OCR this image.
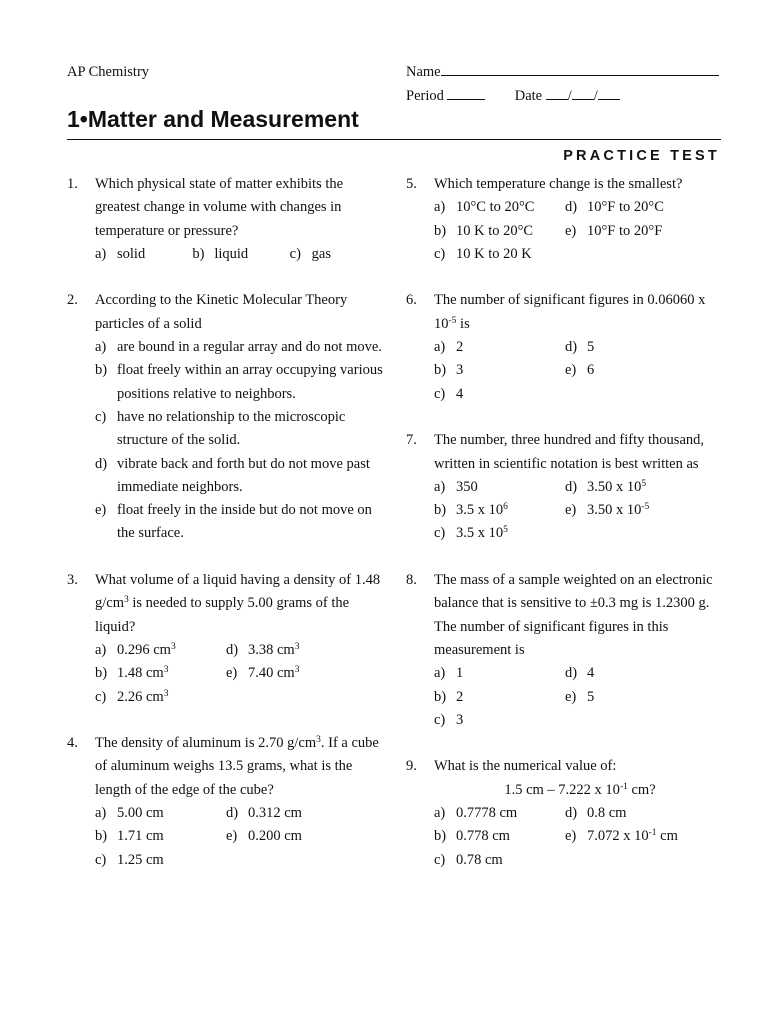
AP Chemistry	Name
Period	Date / /
1•Matter and Measurement
PRACTICE TEST
1. Which physical state of matter exhibits the greatest change in volume with changes in temperature or pressure?
a) solid	b) liquid	c) gas
2. According to the Kinetic Molecular Theory particles of a solid
a) are bound in a regular array and do not move.
b) float freely within an array occupying various positions relative to neighbors.
c) have no relationship to the microscopic structure of the solid.
d) vibrate back and forth but do not move past immediate neighbors.
e) float freely in the inside but do not move on the surface.
3. What volume of a liquid having a density of 1.48 $g/cm^3$ is needed to supply 5.00 grams of the liquid?
a) 0.296 $cm^3$	d) 3.38 $cm^3$
b) 1.48 $cm^3$	e) 7.40 $cm^3$
c) 2.26 $cm^3$
4. The density of aluminum is 2.70 $g/cm^3$. If a cube of aluminum weighs 13.5 grams, what is the length of the edge of the cube?
a) 5.00 cm	d) 0.312 cm
b) 1.71 cm	e) 0.200 cm
c) 1.25 cm
5. Which temperature change is the smallest?
a) 10°C to 20°C	d) 10°F to 20°C
b) 10 K to 20°C	e) 10°F to 20°F
c) 10 K to 20 K
6. The number of significant figures in 0.06060 x $10^{-5}$ is
a) 2	d) 5
b) 3	e) 6
c) 4
7. The number, three hundred and fifty thousand, written in scientific notation is best written as
a) 350	d) 3.50 x $10^5$
b) 3.5 x $10^6$	e) 3.50 x $10^{-5}$
c) 3.5 x $10^5$
8. The mass of a sample weighted on an electronic balance that is sensitive to ±0.3 mg is 1.2300 g. The number of significant figures in this measurement is
a) 1	d) 4
b) 2	e) 5
c) 3
9. What is the numerical value of:
1.5 cm – 7.222 x $10^{-1}$ cm?
a) 0.7778 cm	d) 0.8 cm
b) 0.778 cm	e) 7.072 x $10^{-1}$ cm
c) 0.78 cm
